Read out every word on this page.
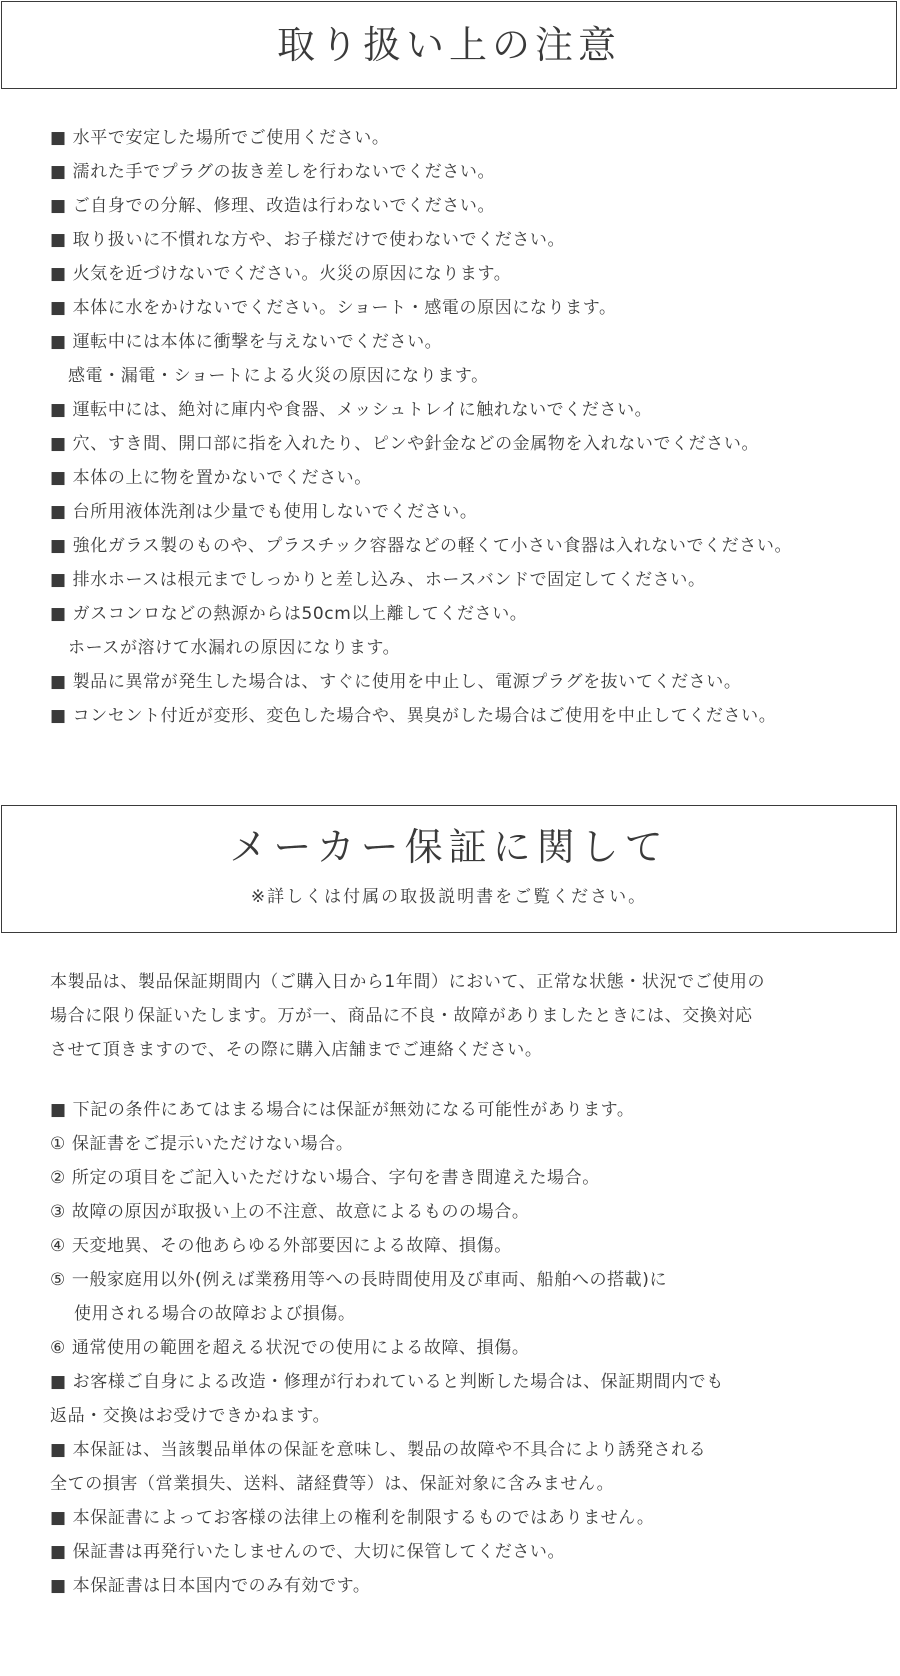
取り扱い上の注意
■ 水平で安定した場所でご使用ください。
■ 濡れた手でプラグの抜き差しを行わないでください。
■ ご自身での分解、修理、改造は行わないでください。
■ 取り扱いに不慣れな方や、お子様だけで使わないでください。
■ 火気を近づけないでください。火災の原因になります。
■ 本体に水をかけないでください。ショート・感電の原因になります。
■ 運転中には本体に衝撃を与えないでください。
感電・漏電・ショートによる火災の原因になります。
■ 運転中には、絶対に庫内や食器、メッシュトレイに触れないでください。
■ 穴、すき間、開口部に指を入れたり、ピンや針金などの金属物を入れないでください。
■ 本体の上に物を置かないでください。
■ 台所用液体洗剤は少量でも使用しないでください。
■ 強化ガラス製のものや、プラスチック容器などの軽くて小さい食器は入れないでください。
■ 排水ホースは根元までしっかりと差し込み、ホースバンドで固定してください。
■ ガスコンロなどの熱源からは50cm以上離してください。
ホースが溶けて水漏れの原因になります。
■ 製品に異常が発生した場合は、すぐに使用を中止し、電源プラグを抜いてください。
■ コンセント付近が変形、変色した場合や、異臭がした場合はご使用を中止してください。
メーカー保証に関して
※詳しくは付属の取扱説明書をご覧ください。
本製品は、製品保証期間内（ご購入日から1年間）において、正常な状態・状況でご使用の
場合に限り保証いたします。万が一、商品に不良・故障がありましたときには、交換対応
させて頂きますので、その際に購入店舗までご連絡ください。
■ 下記の条件にあてはまる場合には保証が無効になる可能性があります。
① 保証書をご提示いただけない場合。
② 所定の項目をご記入いただけない場合、字句を書き間違えた場合。
③ 故障の原因が取扱い上の不注意、故意によるものの場合。
④ 天変地異、その他あらゆる外部要因による故障、損傷。
⑤ 一般家庭用以外(例えば業務用等への長時間使用及び車両、船舶への搭載)に
使用される場合の故障および損傷。
⑥ 通常使用の範囲を超える状況での使用による故障、損傷。
■ お客様ご自身による改造・修理が行われていると判断した場合は、保証期間内でも
返品・交換はお受けできかねます。
■ 本保証は、当該製品単体の保証を意味し、製品の故障や不具合により誘発される
全ての損害（営業損失、送料、諸経費等）は、保証対象に含みません。
■ 本保証書によってお客様の法律上の権利を制限するものではありません。
■ 保証書は再発行いたしませんので、大切に保管してください。
■ 本保証書は日本国内でのみ有効です。
